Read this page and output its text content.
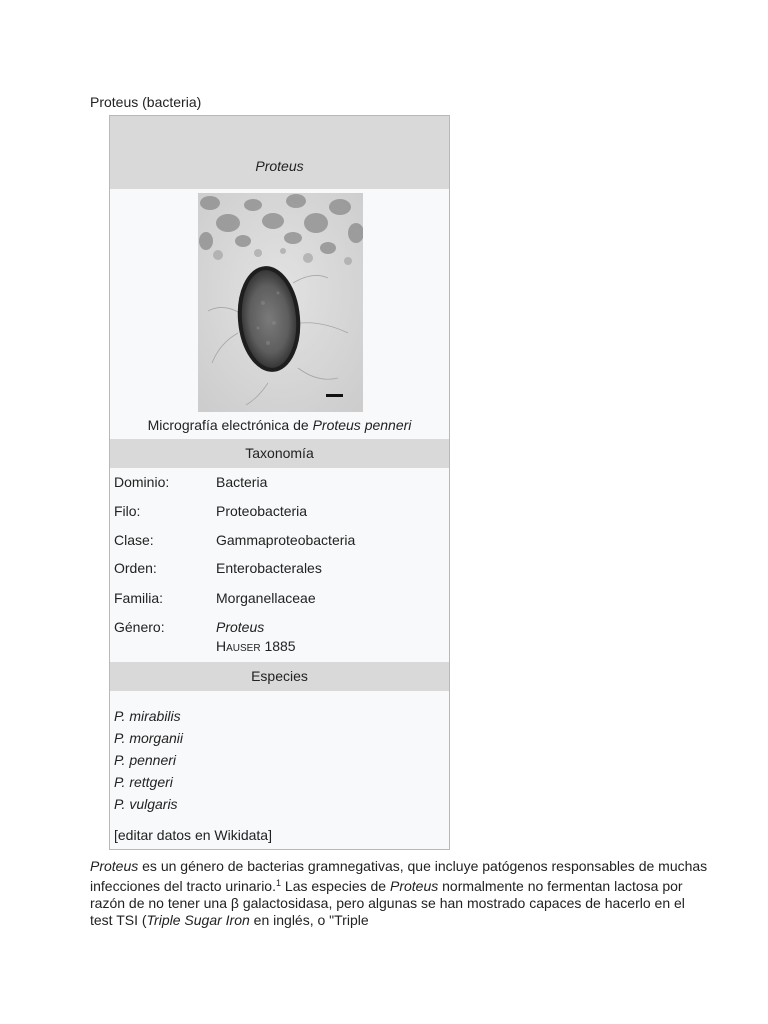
Proteus (bacteria)
Proteus
Micrografía electrónica de Proteus penneri
Taxonomía
Dominio:	Bacteria
Filo:	Proteobacteria
Clase:	Gammaproteobacteria
Orden:	Enterobacterales
Familia:	Morganellaceae
Género:	Proteus
Hauser 1885
Especies
P. mirabilis
P. morganii
P. penneri
P. rettgeri
P. vulgaris
[editar datos en Wikidata]
Proteus es un género de bacterias gramnegativas, que incluye patógenos responsables de muchas infecciones del tracto urinario.$^1$ Las especies de Proteus normalmente no fermentan lactosa por razón de no tener una β galactosidasa, pero algunas se han mostrado capaces de hacerlo en el test TSI (Triple Sugar Iron en inglés, o "Triple
